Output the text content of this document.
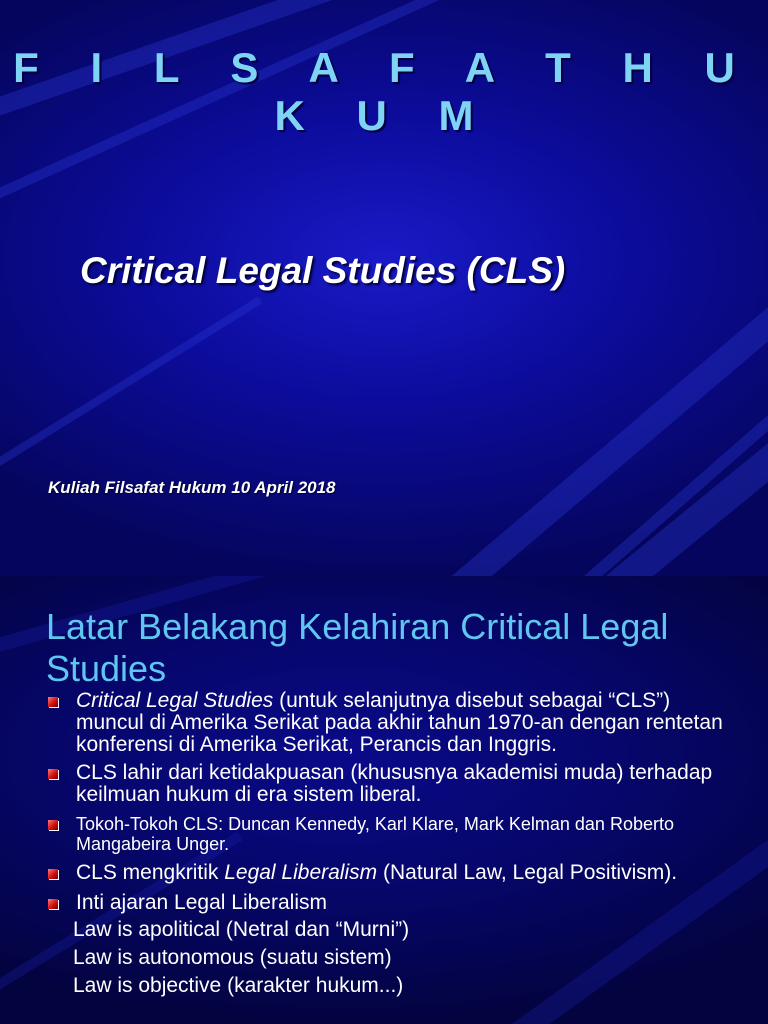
F I L S A F A T H U K U M
Critical Legal Studies (CLS)
Kuliah Filsafat Hukum 10 April 2018
Latar Belakang Kelahiran Critical Legal Studies
Critical Legal Studies (untuk selanjutnya disebut sebagai “CLS”) muncul di Amerika Serikat pada akhir tahun 1970-an dengan rentetan konferensi di Amerika Serikat, Perancis dan Inggris.
CLS lahir dari ketidakpuasan (khususnya akademisi muda) terhadap keilmuan hukum di era sistem liberal.
Tokoh-Tokoh CLS: Duncan Kennedy, Karl Klare, Mark Kelman dan Roberto Mangabeira Unger.
CLS mengkritik Legal Liberalism (Natural Law, Legal Positivism).
Inti ajaran Legal Liberalism
Law is apolitical (Netral dan “Murni”)
Law is autonomous (suatu sistem)
Law is objective (karakter hukum...)
